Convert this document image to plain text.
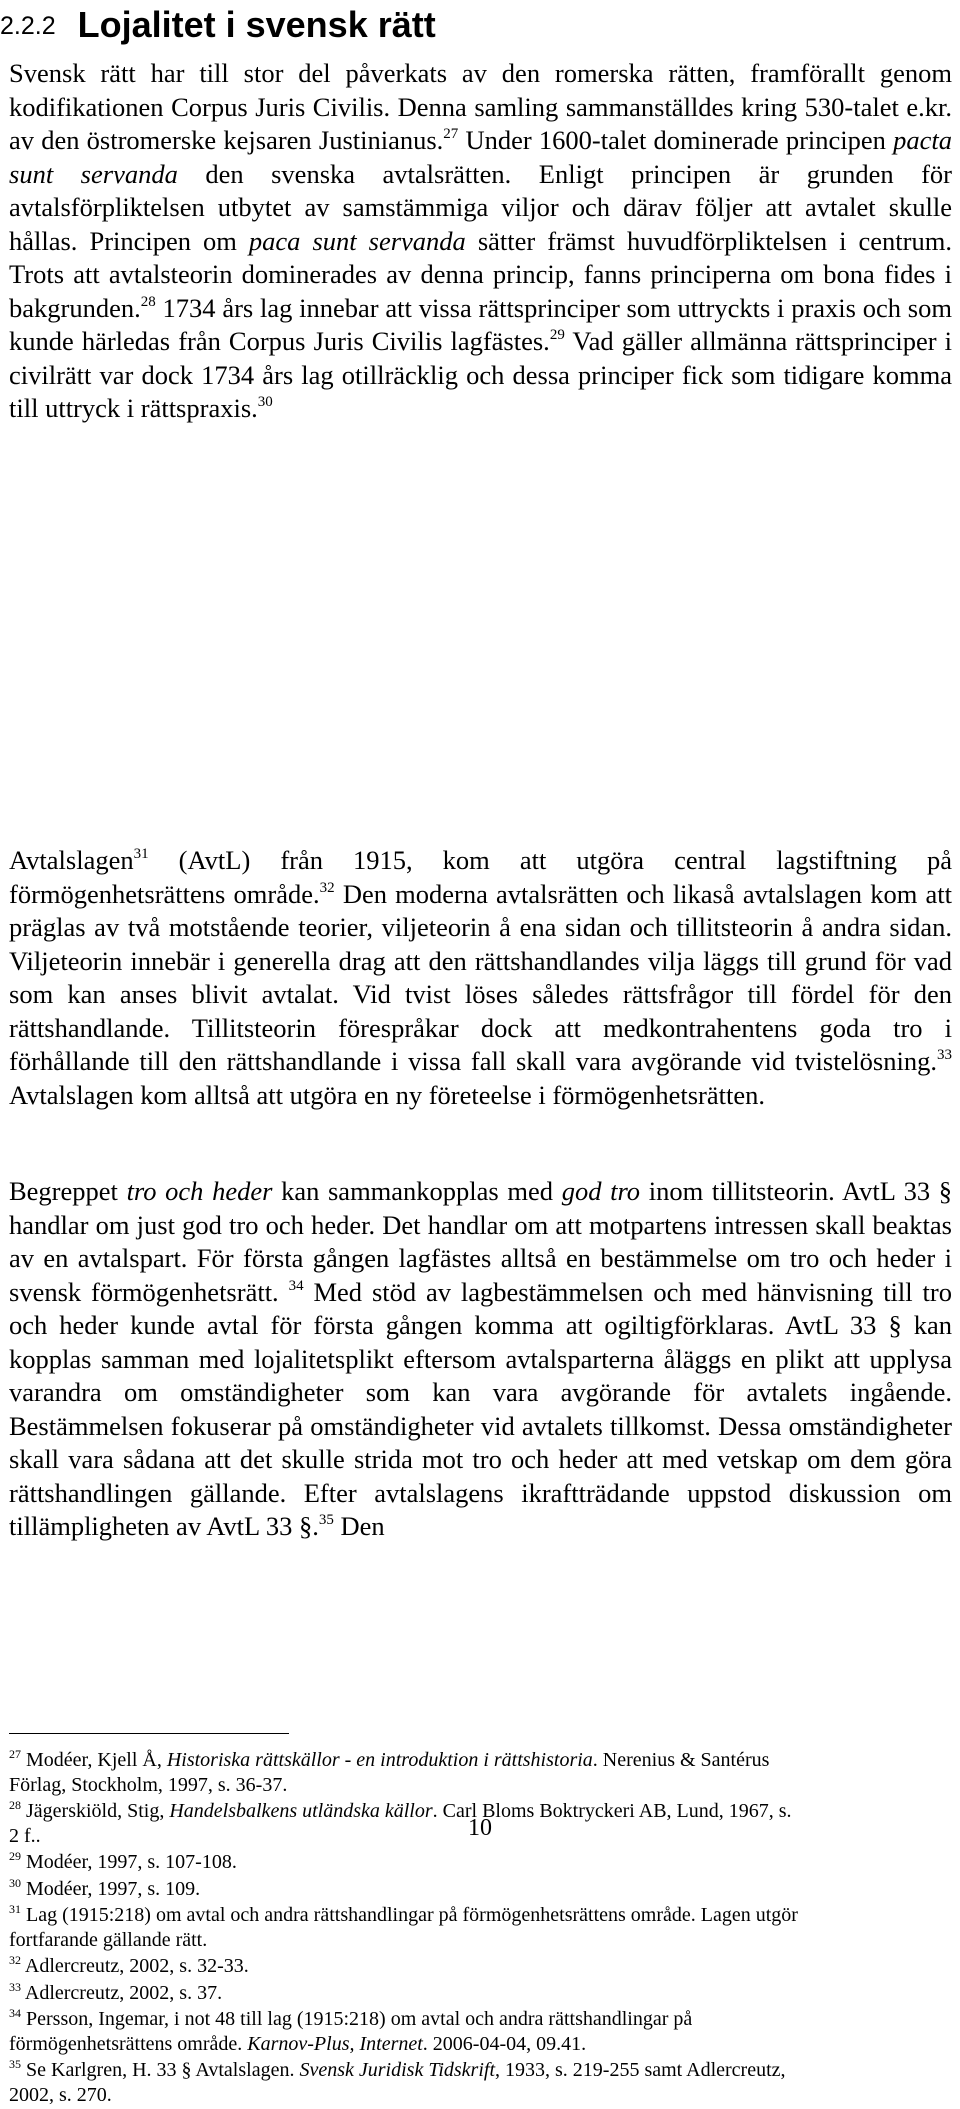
2.2.2 Lojalitet i svensk rätt

Svensk rätt har till stor del påverkats av den romerska rätten, framförallt genom kodifikationen Corpus Juris Civilis. Denna samling sammanställdes kring 530-talet e.kr. av den östromerske kejsaren Justinianus.$^{27}$ Under 1600-talet dominerade principen pacta sunt servanda den svenska avtalsrätten. Enligt principen är grunden för avtalsförpliktelsen utbytet av samstämmiga viljor och därav följer att avtalet skulle hållas. Principen om paca sunt servanda sätter främst huvudförpliktelsen i centrum. Trots att avtalsteorin dominerades av denna princip, fanns principerna om bona fides i bakgrunden.$^{28}$ 1734 års lag innebar att vissa rättsprinciper som uttryckts i praxis och som kunde härledas från Corpus Juris Civilis lagfästes.$^{29}$ Vad gäller allmänna rättsprinciper i civilrätt var dock 1734 års lag otillräcklig och dessa principer fick som tidigare komma till uttryck i rättspraxis.$^{30}$

Avtalslagen$^{31}$ (AvtL) från 1915, kom att utgöra central lagstiftning på förmögenhetsrättens område.$^{32}$ Den moderna avtalsrätten och likaså avtalslagen kom att präglas av två motstående teorier, viljeteorin å ena sidan och tillitsteorin å andra sidan. Viljeteorin innebär i generella drag att den rättshandlandes vilja läggs till grund för vad som kan anses blivit avtalat. Vid tvist löses således rättsfrågor till fördel för den rättshandlande. Tillitsteorin förespråkar dock att medkontrahentens goda tro i förhållande till den rättshandlande i vissa fall skall vara avgörande vid tvistelösning.$^{33}$ Avtalslagen kom alltså att utgöra en ny företeelse i förmögenhetsrätten.

Begreppet tro och heder kan sammankopplas med god tro inom tillitsteorin. AvtL 33 § handlar om just god tro och heder. Det handlar om att motpartens intressen skall beaktas av en avtalspart. För första gången lagfästes alltså en bestämmelse om tro och heder i svensk förmögenhetsrätt. $^{34}$ Med stöd av lagbestämmelsen och med hänvisning till tro och heder kunde avtal för första gången komma att ogiltigförklaras. AvtL 33 § kan kopplas samman med lojalitetsplikt eftersom avtalsparterna åläggs en plikt att upplysa varandra om omständigheter som kan vara avgörande för avtalets ingående. Bestämmelsen fokuserar på omständigheter vid avtalets tillkomst. Dessa omständigheter skall vara sådana att det skulle strida mot tro och heder att med vetskap om dem göra rättshandlingen gällande. Efter avtalslagens ikraftträdande uppstod diskussion om tillämpligheten av AvtL 33 §.$^{35}$ Den

$^{27}$ Modéer, Kjell Å, Historiska rättskällor - en introduktion i rättshistoria. Nerenius & Santérus Förlag, Stockholm, 1997, s. 36-37.

$^{28}$ Jägerskiöld, Stig, Handelsbalkens utländska källor. Carl Bloms Boktryckeri AB, Lund, 1967, s. 2 f..

$^{29}$ Modéer, 1997, s. 107-108.

$^{30}$ Modéer, 1997, s. 109.

$^{31}$ Lag (1915:218) om avtal och andra rättshandlingar på förmögenhetsrättens område. Lagen utgör fortfarande gällande rätt.

$^{32}$ Adlercreutz, 2002, s. 32-33.

$^{33}$ Adlercreutz, 2002, s. 37.

$^{34}$ Persson, Ingemar, i not 48 till lag (1915:218) om avtal och andra rättshandlingar på förmögenhetsrättens område. Karnov-Plus, Internet. 2006-04-04, 09.41.

$^{35}$ Se Karlgren, H. 33 § Avtalslagen. Svensk Juridisk Tidskrift, 1933, s. 219-255 samt Adlercreutz, 2002, s. 270.

10
